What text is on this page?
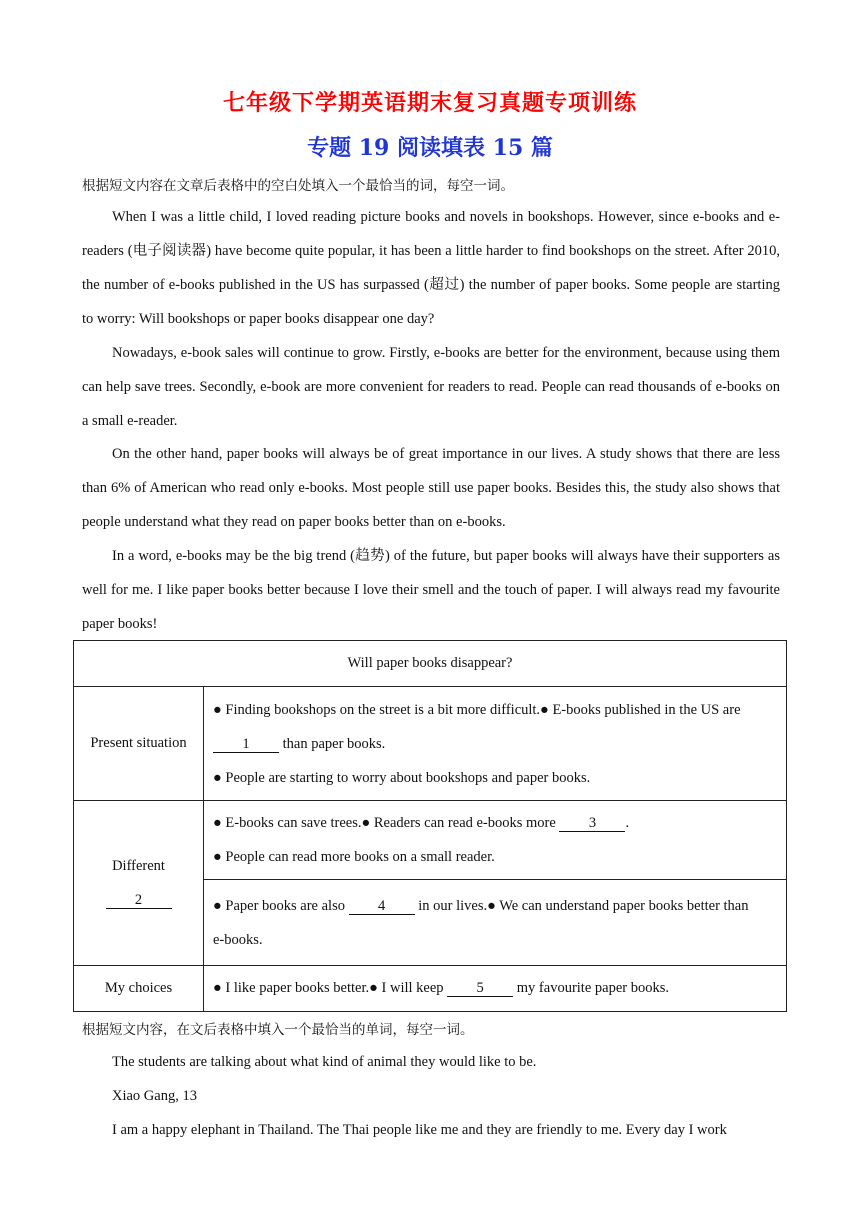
七年级下学期英语期末复习真题专项训练
专题 19 阅读填表 15 篇
根据短文内容在文章后表格中的空白处填入一个最恰当的词，每空一词。
When I was a little child, I loved reading picture books and novels in bookshops. However, since e-books and e-readers (电子阅读器) have become quite popular, it has been a little harder to find bookshops on the street. After 2010, the number of e-books published in the US has surpassed (超过) the number of paper books. Some people are starting to worry: Will bookshops or paper books disappear one day?
Nowadays, e-book sales will continue to grow. Firstly, e-books are better for the environment, because using them can help save trees. Secondly, e-book are more convenient for readers to read. People can read thousands of e-books on a small e-reader.
On the other hand, paper books will always be of great importance in our lives. A study shows that there are less than 6% of American who read only e-books. Most people still use paper books. Besides this, the study also shows that people understand what they read on paper books better than on e-books.
In a word, e-books may be the big trend (趋势) of the future, but paper books will always have their supporters as well for me. I like paper books better because I love their smell and the touch of paper. I will always read my favourite paper books!
Will paper books disappear?	
Present situation	● Finding bookshops on the street is a bit more difficult.● E-books published in the US are
1 than paper books.
● People are starting to worry about bookshops and paper books.

Different
2	● E-books can save trees.● Readers can read e-books more 3 .
● People can read more books on a small reader.

	● Paper books are also 4 in our lives.● We can understand paper books better than
e-books.

My choices	● I like paper books better.● I will keep 5 my favourite paper books.
根据短文内容，在文后表格中填入一个最恰当的单词，每空一词。
The students are talking about what kind of animal they would like to be.
Xiao Gang, 13
I am a happy elephant in Thailand. The Thai people like me and they are friendly to me. Every day I work
